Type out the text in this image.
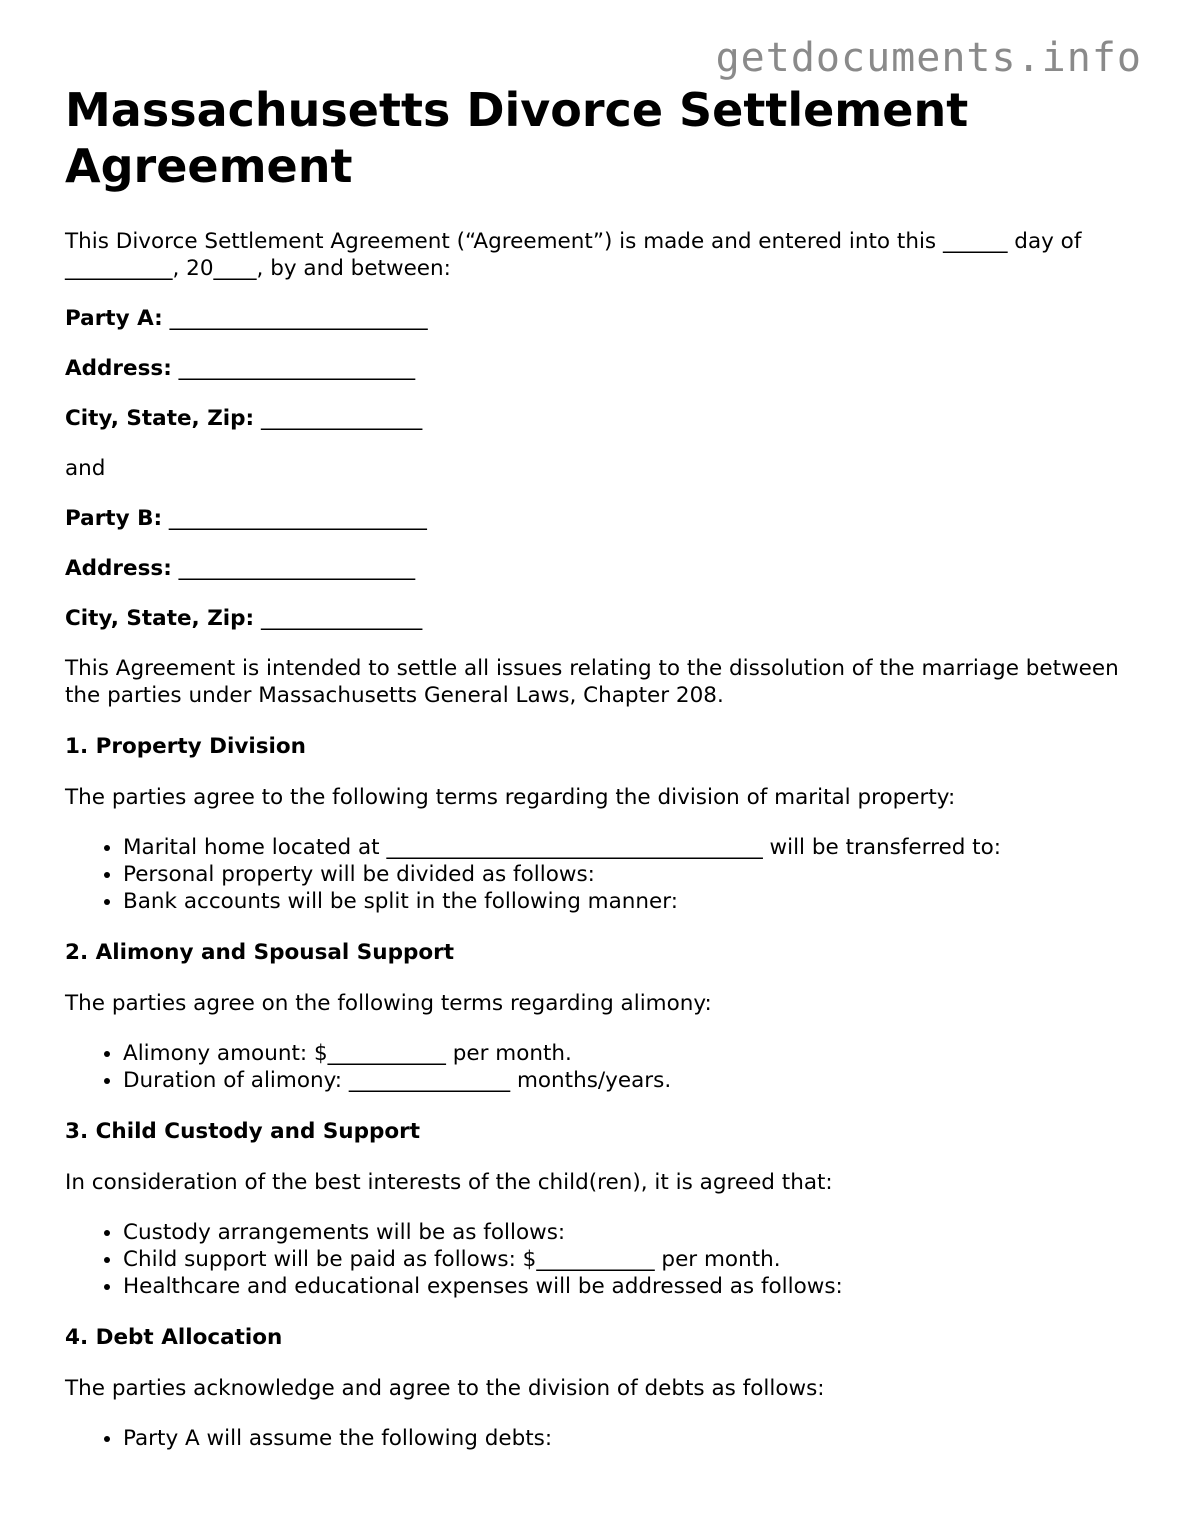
getdocuments.info
Massachusetts Divorce Settlement Agreement

This Divorce Settlement Agreement (“Agreement”) is made and entered into this ______ day of __________, 20____, by and between:

Party A: ________________________
Address: ______________________
City, State, Zip: _______________

and

Party B: ________________________
Address: ______________________
City, State, Zip: _______________

This Agreement is intended to settle all issues relating to the dissolution of the marriage between the parties under Massachusetts General Laws, Chapter 208.

1. Property Division

The parties agree to the following terms regarding the division of marital property:

• Marital home located at ___________________________________ will be transferred to:
• Personal property will be divided as follows:
• Bank accounts will be split in the following manner:
2. Alimony and Spousal Support

The parties agree on the following terms regarding alimony:

• Alimony amount: $___________ per month.
• Duration of alimony: _______________ months/years.
3. Child Custody and Support

In consideration of the best interests of the child(ren), it is agreed that:

• Custody arrangements will be as follows:
• Child support will be paid as follows: $___________ per month.
• Healthcare and educational expenses will be addressed as follows:
4. Debt Allocation

The parties acknowledge and agree to the division of debts as follows:

• Party A will assume the following debts:
